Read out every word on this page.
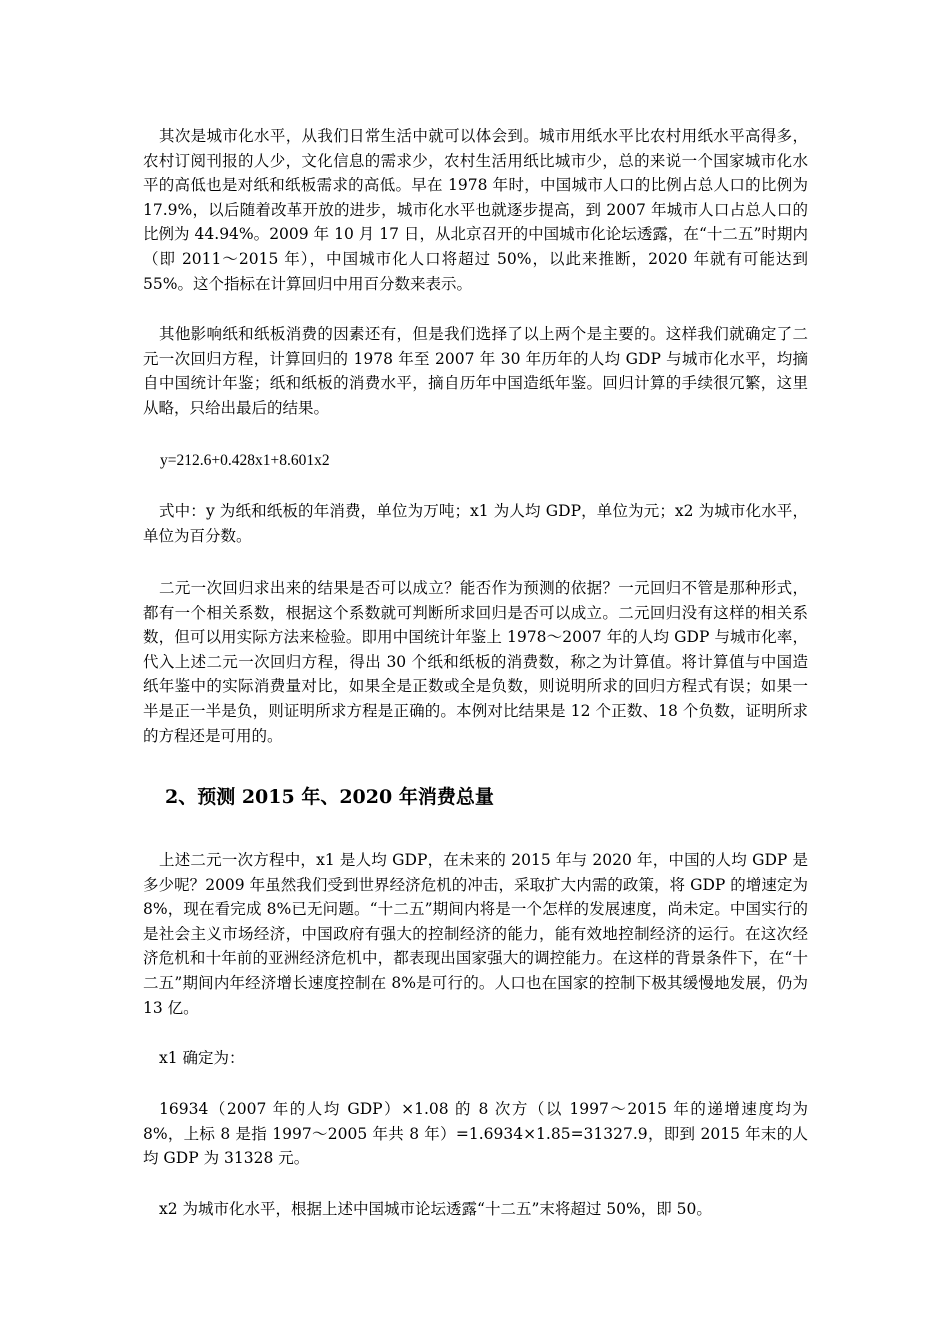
其次是城市化水平，从我们日常生活中就可以体会到。城市用纸水平比农村用纸水平高得多，农村订阅刊报的人少，文化信息的需求少，农村生活用纸比城市少，总的来说一个国家城市化水平的高低也是对纸和纸板需求的高低。早在 1978 年时，中国城市人口的比例占总人口的比例为 17.9%，以后随着改革开放的进步，城市化水平也就逐步提高，到 2007 年城市人口占总人口的比例为 44.94%。2009 年 10 月 17 日，从北京召开的中国城市化论坛透露，在“十二五”时期内（即 2011～2015 年），中国城市化人口将超过 50%，以此来推断，2020 年就有可能达到 55%。这个指标在计算回归中用百分数来表示。

其他影响纸和纸板消费的因素还有，但是我们选择了以上两个是主要的。这样我们就确定了二元一次回归方程，计算回归的 1978 年至 2007 年 30 年历年的人均 GDP 与城市化水平，均摘自中国统计年鉴；纸和纸板的消费水平，摘自历年中国造纸年鉴。回归计算的手续很冗繁，这里从略，只给出最后的结果。

y=212.6+0.428x1+8.601x2

式中：y 为纸和纸板的年消费，单位为万吨；x1 为人均 GDP，单位为元；x2 为城市化水平，单位为百分数。

二元一次回归求出来的结果是否可以成立？能否作为预测的依据？一元回归不管是那种形式，都有一个相关系数，根据这个系数就可判断所求回归是否可以成立。二元回归没有这样的相关系数，但可以用实际方法来检验。即用中国统计年鉴上 1978～2007 年的人均 GDP 与城市化率，代入上述二元一次回归方程，得出 30 个纸和纸板的消费数，称之为计算值。将计算值与中国造纸年鉴中的实际消费量对比，如果全是正数或全是负数，则说明所求的回归方程式有误；如果一半是正一半是负，则证明所求方程是正确的。本例对比结果是 12 个正数、18 个负数，证明所求的方程还是可用的。

2、预测 2015 年、2020 年消费总量

上述二元一次方程中，x1 是人均 GDP，在未来的 2015 年与 2020 年，中国的人均 GDP 是多少呢？2009 年虽然我们受到世界经济危机的冲击，采取扩大内需的政策，将 GDP 的增速定为 8%，现在看完成 8%已无问题。“十二五”期间内将是一个怎样的发展速度，尚未定。中国实行的是社会主义市场经济，中国政府有强大的控制经济的能力，能有效地控制经济的运行。在这次经济危机和十年前的亚洲经济危机中，都表现出国家强大的调控能力。在这样的背景条件下，在“十二五”期间内年经济增长速度控制在 8%是可行的。人口也在国家的控制下极其缓慢地发展，仍为 13 亿。

x1 确定为：

16934（2007 年的人均 GDP）×1.08 的 8 次方（以 1997～2015 年的递增速度均为 8%，上标 8 是指 1997～2005 年共 8 年）=1.6934×1.85=31327.9，即到 2015 年末的人均 GDP 为 31328 元。

x2 为城市化水平，根据上述中国城市论坛透露“十二五”末将超过 50%，即 50。
